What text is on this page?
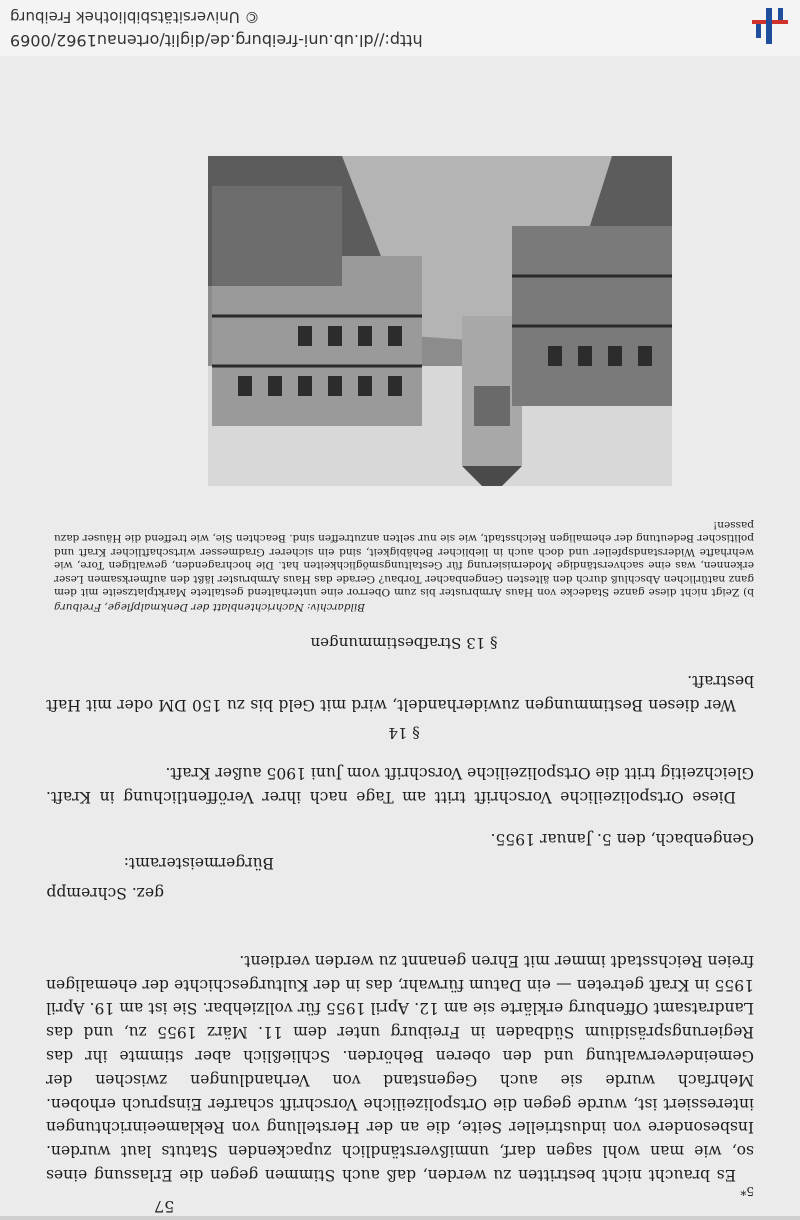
© Universitätsbibliothek Freiburg
http://dl.ub.uni-freiburg.de/diglit/ortenau1962/0069
57
5*

Es braucht nicht bestritten zu werden, daß auch Stimmen gegen die Erlassung eines so, wie man wohl sagen darf, unmißverständlich zupackenden Statuts laut wurden. Insbesondere von industrieller Seite, die an der Herstellung von Reklameeinrichtungen interessiert ist, wurde gegen die Ortspolizeiliche Vorschrift scharfer Einspruch erhoben. Mehrfach wurde sie auch Gegenstand von Verhandlungen zwischen der Gemeindeverwaltung und den oberen Behörden. Schließlich aber stimmte ihr das Regierungspräsidium Südbaden in Freiburg unter dem 11. März 1955 zu, und das Landratsamt Offenburg erklärte sie am 12. April 1955 für vollziehbar. Sie ist am 19. April 1955 in Kraft getreten — ein Datum fürwahr, das in der Kulturgeschichte der ehemaligen freien Reichsstadt immer mit Ehren genannt zu werden verdient.

gez. Schrempp
Bürgermeisteramt:
Gengenbach, den 5. Januar 1955.

Diese Ortspolizeiliche Vorschrift tritt am Tage nach ihrer Veröffentlichung in Kraft. Gleichzeitig tritt die Ortspolizeiliche Vorschrift vom Juni 1905 außer Kraft.

§ 14

Wer diesen Bestimmungen zuwiderhandelt, wird mit Geld bis zu 150 DM oder mit Haft bestraft.

§ 13 Strafbestimmungen
Bildarchiv: Nachrichtenblatt der Denkmalpflege, Freiburg
b) Zeigt nicht diese ganze Stadecke von Haus Armbruster bis zum Oberror eine unterhaltend gestaltete Marktplatzseite mit dem ganz natürlichen Abschluß durch den ältesten Gengenbacher Torbau? Gerade das Haus Armbruster läßt den aufmerksamen Leser erkennen, was eine sachverständige Modernisierung für Gestaltungsmöglichkeiten hat. Die hochragenden, gewaltigen Tore, wie wehrhafte Widerstandspfeiler und doch auch in lieblicher Behäbigkeit, sind ein sicherer Gradmesser wirtschaftlicher Kraft und politischer Bedeutung der ehemaligen Reichsstadt, wie sie nur selten anzutreffen sind. Beachten Sie, wie treffend die Häuser dazu passen!
